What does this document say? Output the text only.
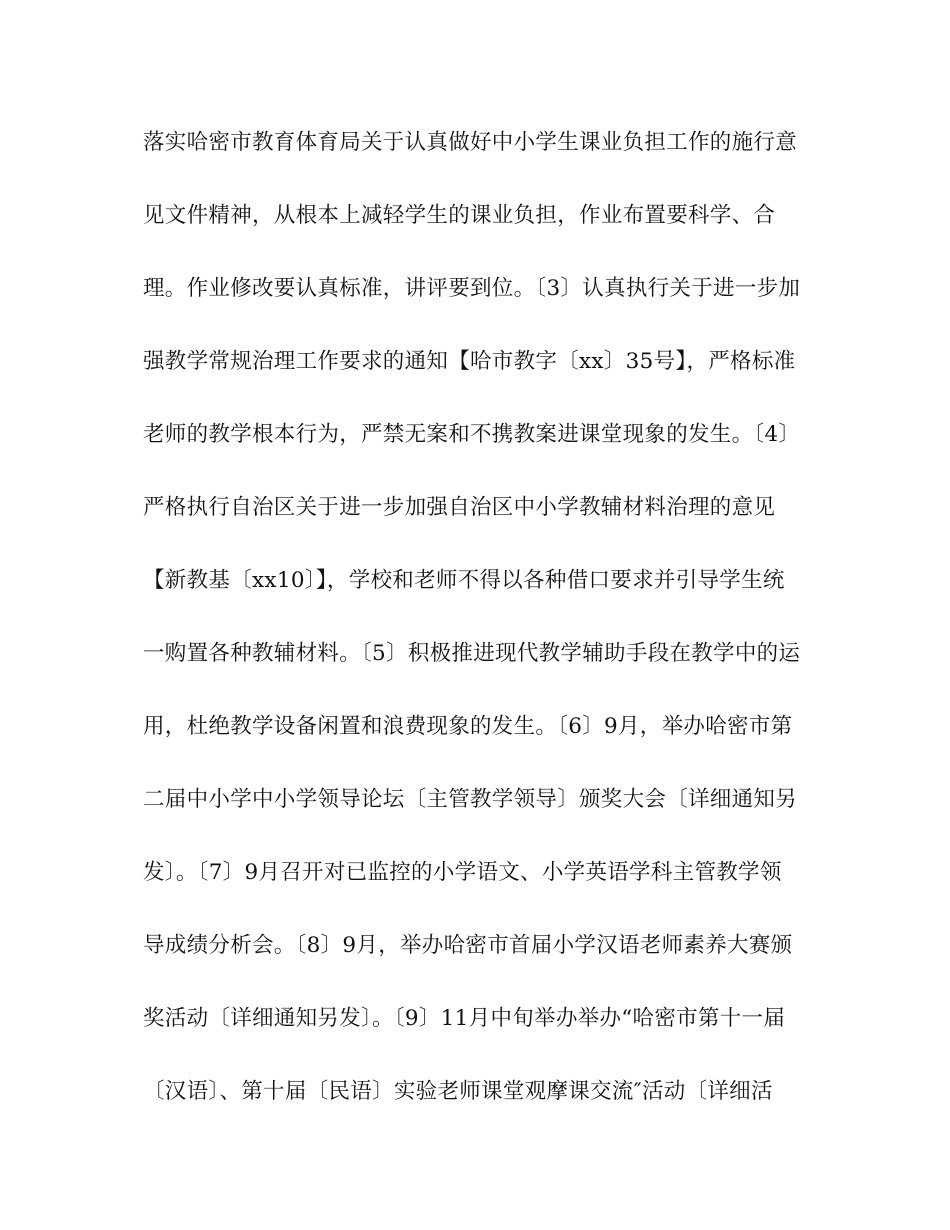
落实哈密市教育体育局关于认真做好中小学生课业负担工作的施行意
见文件精神，从根本上减轻学生的课业负担，作业布置要科学、合
理。作业修改要认真标准，讲评要到位。〔3〕认真执行关于进一步加
强教学常规治理工作要求的通知【哈市教字〔xx〕35号】，严格标准
老师的教学根本行为，严禁无案和不携教案进课堂现象的发生。〔4〕
严格执行自治区关于进一步加强自治区中小学教辅材料治理的意见
【新教基〔xx10〕】，学校和老师不得以各种借口要求并引导学生统
一购置各种教辅材料。〔5〕积极推进现代教学辅助手段在教学中的运
用，杜绝教学设备闲置和浪费现象的发生。〔6〕9月，举办哈密市第
二届中小学中小学领导论坛〔主管教学领导〕颁奖大会〔详细通知另
发〕。〔7〕9月召开对已监控的小学语文、小学英语学科主管教学领
导成绩分析会。〔8〕9月，举办哈密市首届小学汉语老师素养大赛颁
奖活动〔详细通知另发〕。〔9〕11月中旬举办举办“哈密市第十一届
〔汉语〕、第十届〔民语〕实验老师课堂观摩课交流″活动〔详细活
